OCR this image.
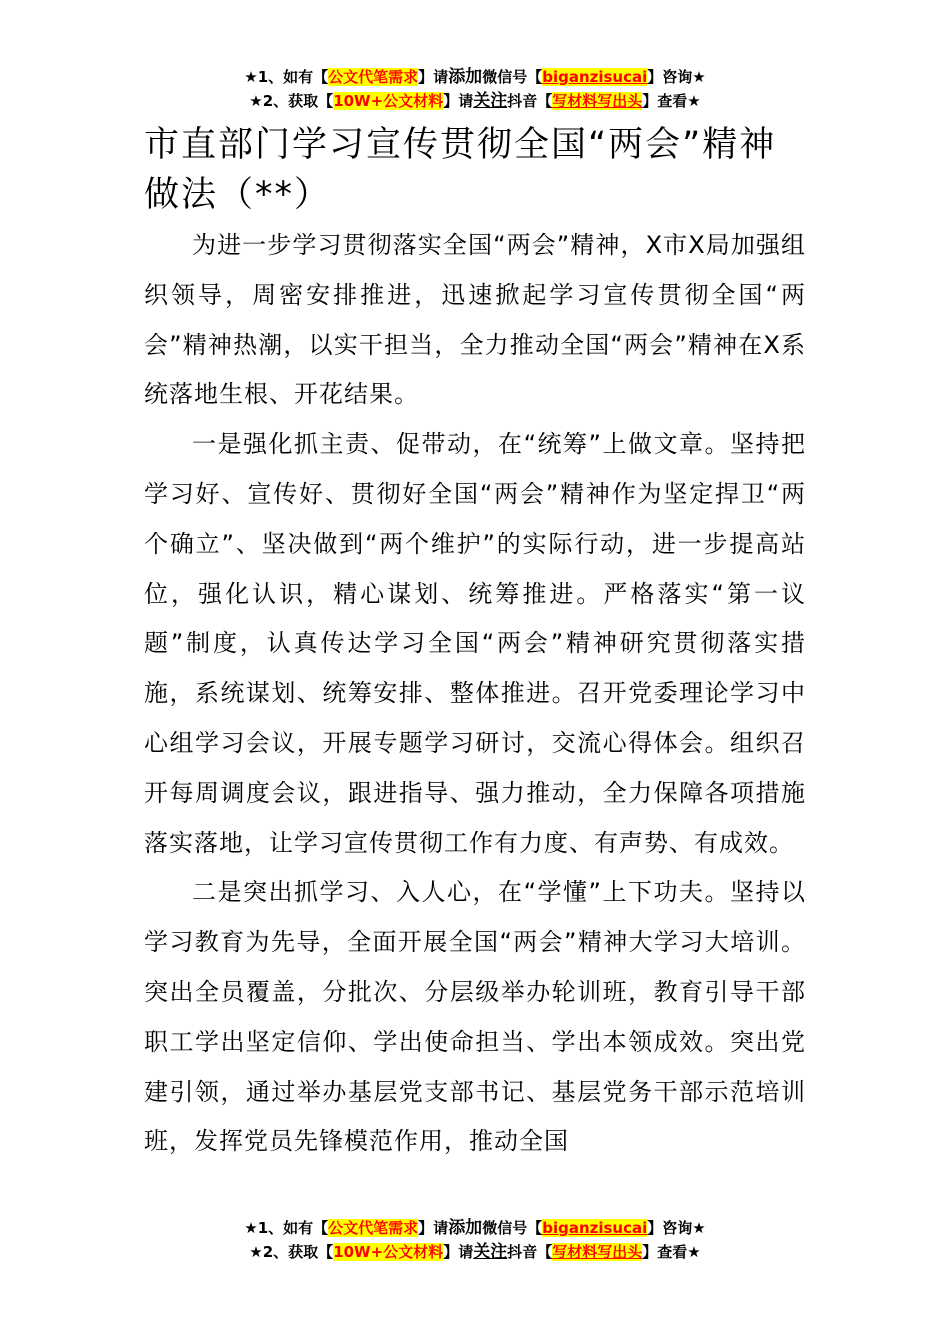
★1、如有【公文代笔需求】请添加微信号【biganzisucai】咨询★
★2、获取【10W+公文材料】请关注抖音【写材料写出头】查看★
市直部门学习宣传贯彻全国“两会”精神做法（**）

为进一步学习贯彻落实全国“两会”精神，X市X局加强组织领导，周密安排推进，迅速掀起学习宣传贯彻全国“两会”精神热潮，以实干担当，全力推动全国“两会”精神在X系统落地生根、开花结果。

一是强化抓主责、促带动，在“统筹”上做文章。坚持把学习好、宣传好、贯彻好全国“两会”精神作为坚定捍卫“两个确立”、坚决做到“两个维护”的实际行动，进一步提高站位，强化认识，精心谋划、统筹推进。严格落实“第一议题”制度，认真传达学习全国“两会”精神研究贯彻落实措施，系统谋划、统筹安排、整体推进。召开党委理论学习中心组学习会议，开展专题学习研讨，交流心得体会。组织召开每周调度会议，跟进指导、强力推动，全力保障各项措施落实落地，让学习宣传贯彻工作有力度、有声势、有成效。

二是突出抓学习、入人心，在“学懂”上下功夫。坚持以学习教育为先导，全面开展全国“两会”精神大学习大培训。突出全员覆盖，分批次、分层级举办轮训班，教育引导干部职工学出坚定信仰、学出使命担当、学出本领成效。突出党建引领，通过举办基层党支部书记、基层党务干部示范培训班，发挥党员先锋模范作用，推动全国

★1、如有【公文代笔需求】请添加微信号【biganzisucai】咨询★
★2、获取【10W+公文材料】请关注抖音【写材料写出头】查看★
